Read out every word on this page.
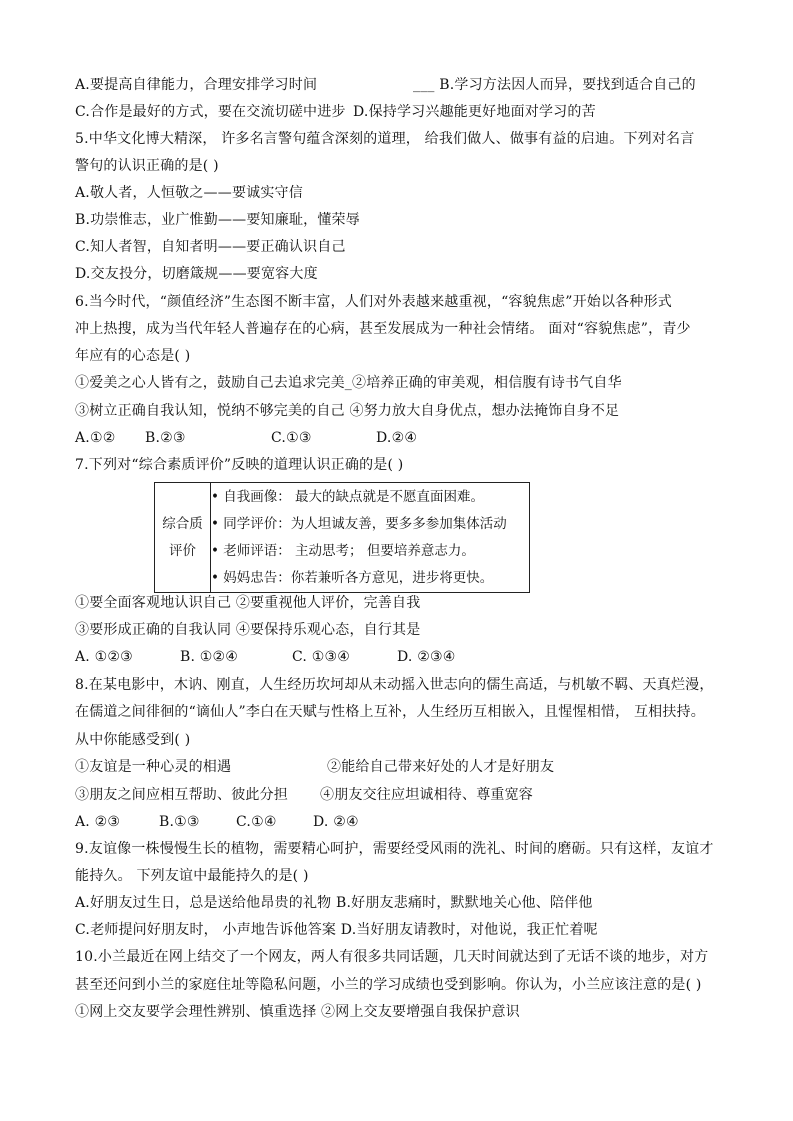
A.要提高自律能力，合理安排学习时间	___ B.学习方法因人而异，要找到适合自己的
C.合作是最好的方式，要在交流切磋中进步 D.保持学习兴趣能更好地面对学习的苦
5.中华文化博大精深， 许多名言警句蕴含深刻的道理， 给我们做人、做事有益的启迪。下列对名言
警句的认识正确的是( )
A.敬人者，人恒敬之——要诚实守信
B.功崇惟志，业广惟勤——要知廉耻，懂荣辱
C.知人者智，自知者明——要正确认识自己
D.交友投分，切磨箴规——要宽容大度
6.当今时代，“颜值经济”生态图不断丰富，人们对外表越来越重视，“容貌焦虑”开始以各种形式
冲上热搜，成为当代年轻人普遍存在的心病，甚至发展成为一种社会情绪。 面对“容貌焦虑”，青少
年应有的心态是( )
①爱美之心人皆有之，鼓励自己去追求完美_②培养正确的审美观，相信腹有诗书气自华
③树立正确自我认知，悦纳不够完美的自己 ④努力放大自身优点，想办法掩饰自身不足
A.①② B.②③	C.①③	D.②④
7.下列对“综合素质评价”反映的道理认识正确的是( )
综合质
评价

• 自我画像： 最大的缺点就是不愿直面困难。
• 同学评价：为人坦诚友善，要多多参加集体活动
• 老师评语： 主动思考； 但要培养意志力。
• 妈妈忠告：你若兼听各方意见，进步将更快。
①要全面客观地认识自己 ②要重视他人评价，完善自我
③要形成正确的自我认同 ④要保持乐观心态，自行其是
A. ①②③	B. ①②④	C. ①③④	D. ②③④
8.在某电影中，木讷、刚直，人生经历坎坷却从未动摇入世志向的儒生高适，与机敏不羁、天真烂漫，
在儒道之间徘徊的“谪仙人”李白在天赋与性格上互补，人生经历互相嵌入，且惺惺相惜， 互相扶持。
从中你能感受到( )
①友谊是一种心灵的相遇	②能给自己带来好处的人才是好朋友
③朋友之间应相互帮助、彼此分担 ④朋友交往应坦诚相待、尊重宽容
A. ②③	B.①③	C.①④	D. ②④
9.友谊像一株慢慢生长的植物，需要精心呵护，需要经受风雨的洗礼、时间的磨砺。只有这样，友谊才
能持久。 下列友谊中最能持久的是( )
A.好朋友过生日，总是送给他昂贵的礼物 B.好朋友悲痛时，默默地关心他、陪伴他
C.老师提问好朋友时， 小声地告诉他答案 D.当好朋友请教时，对他说，我正忙着呢
10.小兰最近在网上结交了一个网友，两人有很多共同话题，几天时间就达到了无话不谈的地步，对方
甚至还问到小兰的家庭住址等隐私问题，小兰的学习成绩也受到影响。你认为，小兰应该注意的是( )
①网上交友要学会理性辨别、慎重选择 ②网上交友要增强自我保护意识
